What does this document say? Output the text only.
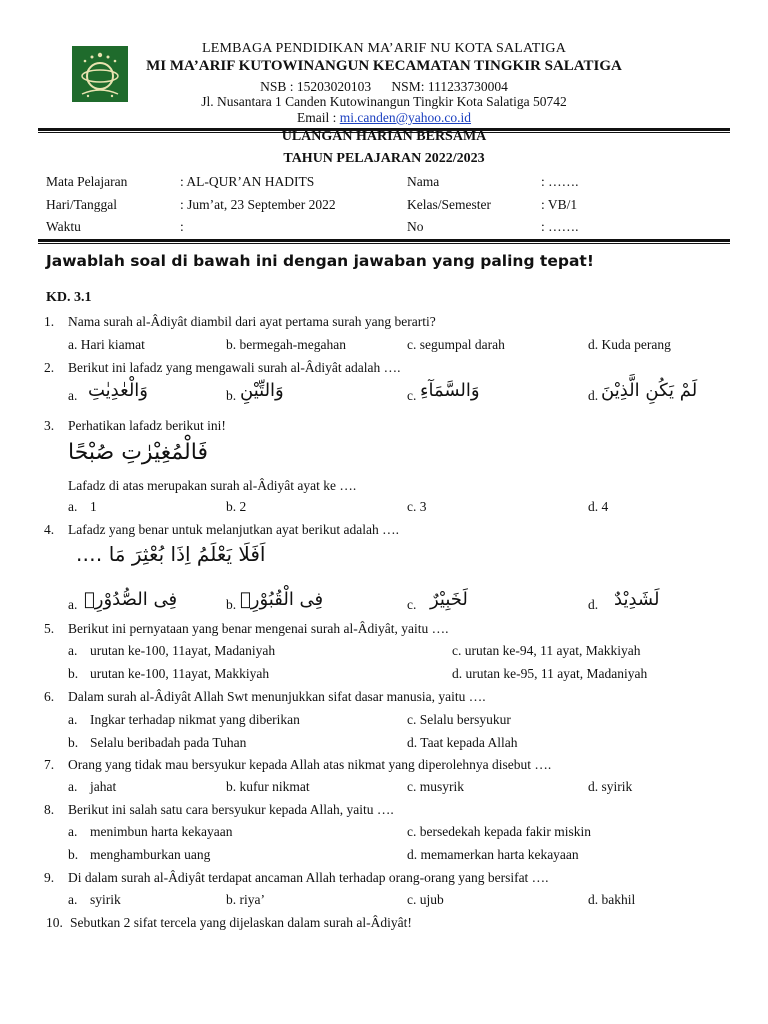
LEMBAGA PENDIDIKAN MA’ARIF NU KOTA SALATIGA
MI MA’ARIF KUTOWINANGUN KECAMATAN TINGKIR SALATIGA
NSB : 15203020103      NSM: 111233730004
Jl. Nusantara 1 Canden Kutowinangun Tingkir Kota Salatiga 50742
Email : mi.canden@yahoo.co.id
ULANGAN HARIAN BERSAMA
TAHUN PELAJARAN 2022/2023
Mata Pelajaran	: AL-QUR’AN HADITS	Nama	: …….
Hari/Tanggal	: Jum’at, 23 September 2022	Kelas/Semester	: VB/1
Waktu	:	No	: …….
Jawablah soal di bawah ini dengan jawaban yang paling tepat!
KD. 3.1
1. Nama surah al-Âdiyât diambil dari ayat pertama surah yang berarti?
a. Hari kiamat	b. bermegah-megahan	c. segumpal darah	d. Kuda perang
2. Berikut ini lafadz yang mengawali surah al-Âdiyât adalah ….
a. وَالْعٰدِيٰتِ	b. وَالتِّيْنِ	c. وَالسَّمَآءِ	d. لَمْ يَكُنِ الَّذِيْنَ
3. Perhatikan lafadz berikut ini!
فَالْمُغِيْرٰتِ صُبْحًا
Lafadz di atas merupakan surah al-Âdiyât ayat ke ….
a. 1	b. 2	c. 3	d. 4
4. Lafadz yang benar untuk melanjutkan ayat berikut adalah ….
اَفَلَا يَعْلَمُ اِذَا بُعْثِرَ مَا ….
a. فِى الصُّدُوْرِۙ	b. فِى الْقُبُوْرِۙ	c. لَخَبِيْرٌ	d. لَشَدِيْدٌ
5. Berikut ini pernyataan yang benar mengenai surah al-Âdiyât, yaitu ….
a. urutan ke-100, 11ayat, Madaniyah	c. urutan ke-94, 11 ayat, Makkiyah
b. urutan ke-100, 11ayat, Makkiyah	d. urutan ke-95, 11 ayat, Madaniyah
6. Dalam surah al-Âdiyât Allah Swt menunjukkan sifat dasar manusia, yaitu ….
a. Ingkar terhadap nikmat yang diberikan	c. Selalu bersyukur
b. Selalu beribadah pada Tuhan	d. Taat kepada Allah
7. Orang yang tidak mau bersyukur kepada Allah atas nikmat yang diperolehnya disebut ….
a. jahat	b. kufur nikmat	c. musyrik	d. syirik
8. Berikut ini salah satu cara bersyukur kepada Allah, yaitu ….
a. menimbun harta kekayaan	c. bersedekah kepada fakir miskin
b. menghamburkan uang	d. memamerkan harta kekayaan
9. Di dalam surah al-Âdiyât terdapat ancaman Allah terhadap orang-orang yang bersifat ….
a. syirik	b. riya’	c. ujub	d. bakhil
10. Sebutkan 2 sifat tercela yang dijelaskan dalam surah al-Âdiyât!
